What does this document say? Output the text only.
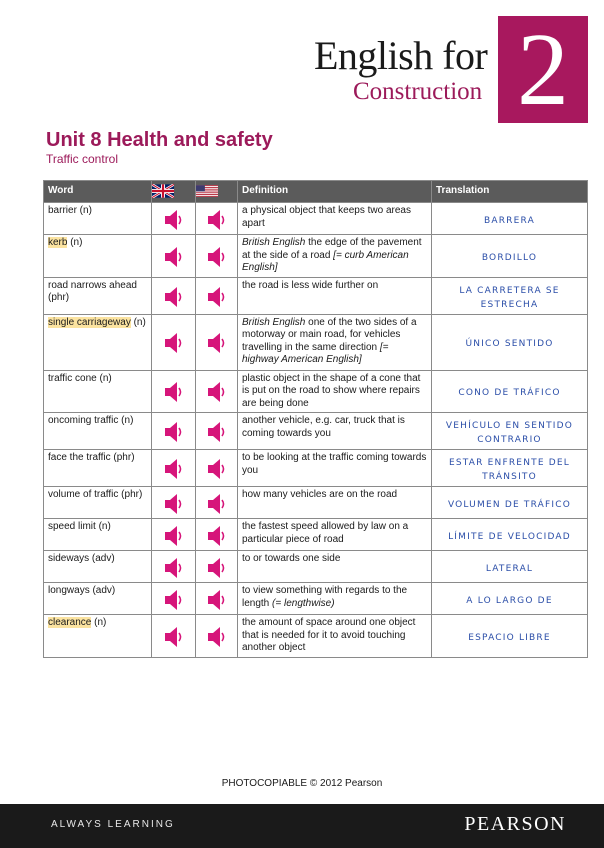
English for
Construction 2
Unit 8 Health and safety
Traffic control
Word			Definition	Translation
barrier (n)			a physical object that keeps two areas apart	BARRERA

kerb (n)			British English the edge of the pavement at the side of a road [= curb American English]	BORDILLO

road narrows ahead (phr)			the road is less wide further on	LA CARRETERA SE ESTRECHA

single carriageway (n)			British English one of the two sides of a motorway or main road, for vehicles travelling in the same direction [= highway American English]	ÚNICO SENTIDO

traffic cone (n)			plastic object in the shape of a cone that is put on the road to show where repairs are being done	CONO DE TRÁFICO

oncoming traffic (n)			another vehicle, e.g. car, truck that is coming towards you	VEHÍCULO EN SENTIDO CONTRARIO

face the traffic (phr)			to be looking at the traffic coming towards you	ESTAR ENFRENTE DEL TRÁNSITO

volume of traffic (phr)			how many vehicles are on the road	VOLUMEN DE TRÁFICO

speed limit (n)			the fastest speed allowed by law on a particular piece of road	LÍMITE DE VELOCIDAD

sideways (adv)			to or towards one side	LATERAL

longways (adv)			to view something with regards to the length (= lengthwise)	A LO LARGO DE

clearance (n)			the amount of space around one object that is needed for it to avoid touching another object	ESPACIO LIBRE
PHOTOCOPIABLE © 2012 Pearson
ALWAYS LEARNING	PEARSON
